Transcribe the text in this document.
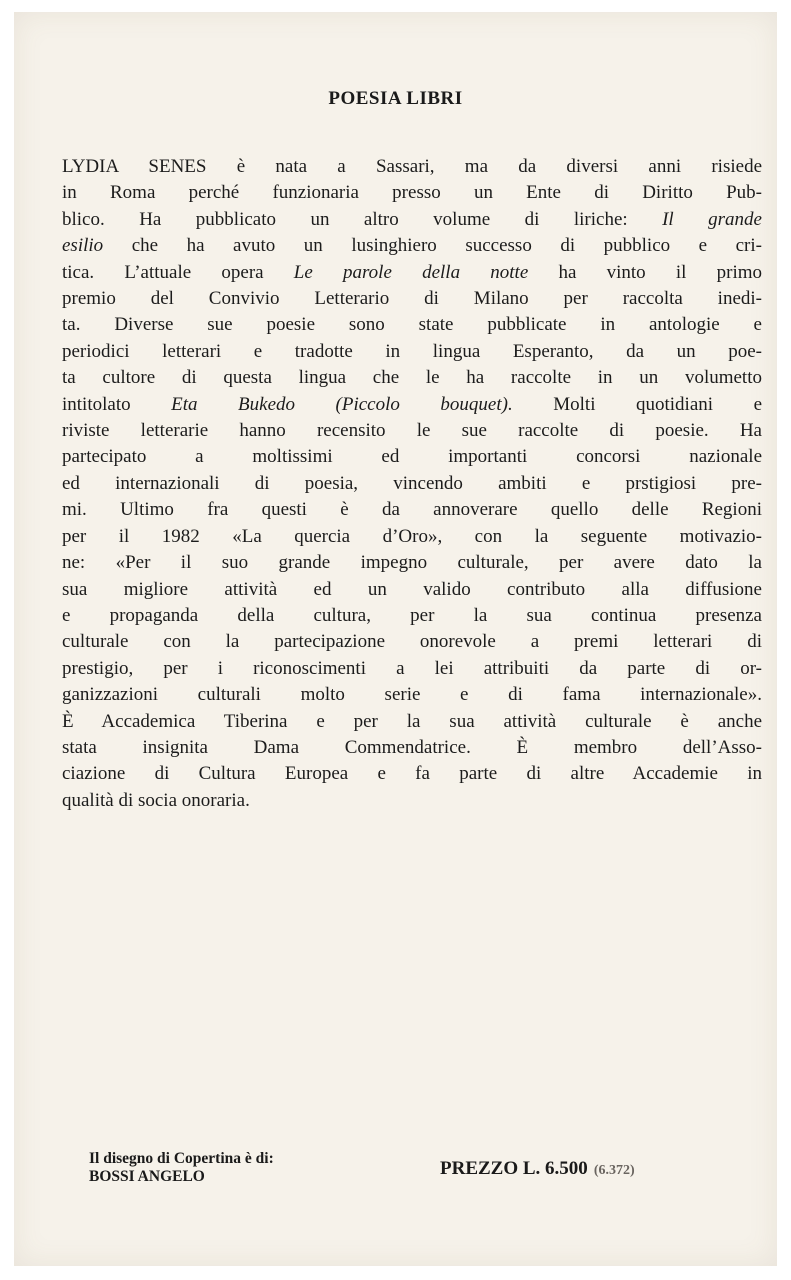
POESIA LIBRI
LYDIA SENES è nata a Sassari, ma da diversi anni risiede
in Roma perché funzionaria presso un Ente di Diritto Pub-
blico. Ha pubblicato un altro volume di liriche: Il grande
esilio che ha avuto un lusinghiero successo di pubblico e cri-
tica. L’attuale opera Le parole della notte ha vinto il primo
premio del Convivio Letterario di Milano per raccolta inedi-
ta. Diverse sue poesie sono state pubblicate in antologie e
periodici letterari e tradotte in lingua Esperanto, da un poe-
ta cultore di questa lingua che le ha raccolte in un volumetto
intitolato Eta Bukedo (Piccolo bouquet). Molti quotidiani e
riviste letterarie hanno recensito le sue raccolte di poesie. Ha
partecipato a moltissimi ed importanti concorsi nazionale
ed internazionali di poesia, vincendo ambiti e prstigiosi pre-
mi. Ultimo fra questi è da annoverare quello delle Regioni
per il 1982 «La quercia d’Oro», con la seguente motivazio-
ne: «Per il suo grande impegno culturale, per avere dato la
sua migliore attività ed un valido contributo alla diffusione
e propaganda della cultura, per la sua continua presenza
culturale con la partecipazione onorevole a premi letterari di
prestigio, per i riconoscimenti a lei attribuiti da parte di or-
ganizzazioni culturali molto serie e di fama internazionale».
È Accademica Tiberina e per la sua attività culturale è anche
stata insignita Dama Commendatrice. È membro dell’Asso-
ciazione di Cultura Europea e fa parte di altre Accademie in
qualità di socia onoraria.
Il disegno di Copertina è di:
BOSSI ANGELO	PREZZO L. 6.500 (6.372)
